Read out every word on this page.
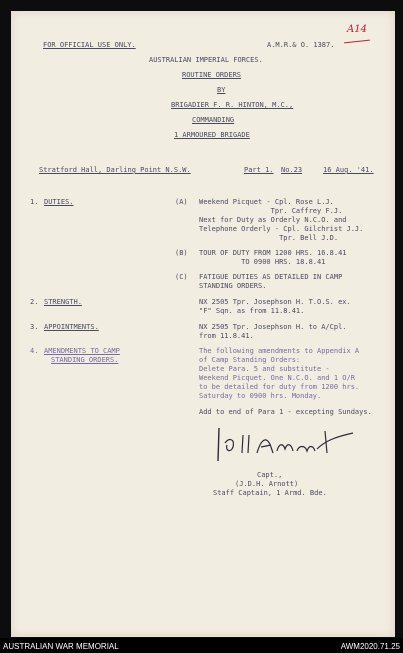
A14
FOR OFFICIAL USE ONLY.	A.M.R.& O. 1387.
AUSTRALIAN IMPERIAL FORCES.
ROUTINE ORDERS
BY
BRIGADIER F. R. HINTON, M.C.,
COMMANDING
1 ARMOURED BRIGADE
Stratford Hall, Darling Point N.S.W.	Part 1. No.23	16 Aug. '41.
1. DUTIES.	(A) Weekend Picquet - Cpl. Rose L.J.
Tpr. Caffrey F.J.
Next for Duty as Orderly N.C.O. and
Telephone Orderly - Cpl. Gilchrist J.J.
Tpr. Bell J.D.
(B) TOUR OF DUTY FROM 1200 HRS. 16.8.41
TO 0900 HRS. 18.8.41
(C) FATIGUE DUTIES AS DETAILED IN CAMP
STANDING ORDERS.
2. STRENGTH.	NX 2505 Tpr. Josephson H. T.O.S. ex.
"F" Sqn. as from 11.8.41.
3. APPOINTMENTS.	NX 2505 Tpr. Josephson H. to A/Cpl.
from 11.8.41.
4. AMENDMENTS TO CAMP
STANDING ORDERS.
The following amendments to Appendix A
of Camp Standing Orders:
Delete Para. 5 and substitute -
Weekend Picquet. One N.C.O. and 1 O/R
to be detailed for duty from 1200 hrs.
Saturday to 0900 hrs. Monday.
Add to end of Para 1 - excepting Sundays.
Capt.,
(J.D.H. Arnott)
Staff Captain, 1 Armd. Bde.
AUSTRALIAN WAR MEMORIAL	AWM2020.71.25
